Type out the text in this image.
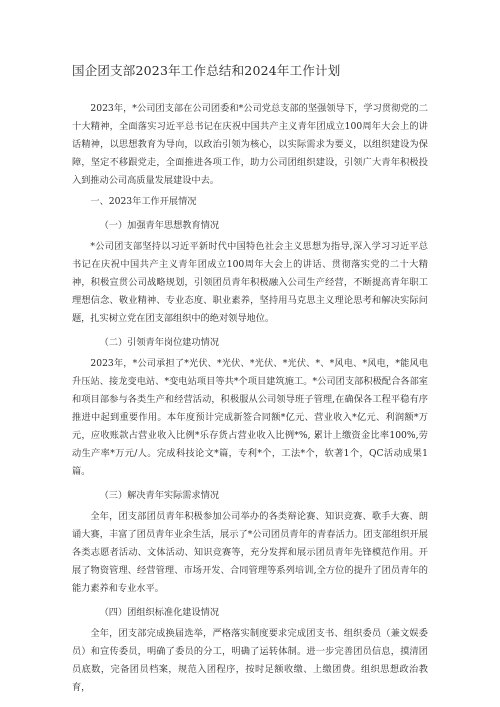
国企团支部2023年工作总结和2024年工作计划

2023年，*公司团支部在公司团委和*公司党总支部的坚强领导下，学习贯彻党的二十大精神，全面落实习近平总书记在庆祝中国共产主义青年团成立100周年大会上的讲话精神，以思想教育为导向，以政治引领为核心，以实际需求为要义，以组织建设为保障，坚定不移跟党走，全面推进各项工作，助力公司团组织建设，引领广大青年积极投入到推动公司高质量发展建设中去。

一、2023年工作开展情况
（一）加强青年思想教育情况

*公司团支部坚持以习近平新时代中国特色社会主义思想为指导,深入学习习近平总书记在庆祝中国共产主义青年团成立100周年大会上的讲话、贯彻落实党的二十大精神，积极宣贯公司战略规划，引领团员青年积极融入公司生产经营，不断提高青年职工理想信念、敬业精神、专业态度、职业素养，坚持用马克思主义理论思考和解决实际问题，扎实树立党在团支部组织中的绝对领导地位。

（二）引领青年岗位建功情况

2023年，*公司承担了*光伏、*光伏、*光伏、*光伏、*、*风电、*风电，*能风电升压站、接龙变电站、*变电站项目等共*个项目建筑施工。*公司团支部积极配合各部室和项目部参与各类生产和经营活动，积极服从公司领导班子管理,在确保各工程平稳有序推进中起到重要作用。本年度预计完成新签合同额*亿元、营业收入*亿元、利润额*万元，应收账款占营业收入比例*乐存货占营业收入比例*%, 累计上缴资金比率100%,劳动生产率*万元/人。完成科技论文*篇，专利*个，工法*个，软著1个，QC活动成果1篇。

（三）解决青年实际需求情况

全年，团支部团员青年积极参加公司举办的各类辩论赛、知识竞赛、歌手大赛、朗诵大赛，丰富了团员青年业余生活，展示了*公司团员青年的青春活力。团支部组织开展各类志愿者活动、文体活动、知识竞赛等，充分发挥和展示团员青年先锋模范作用。开展了物资管理、经营管理、市场开发、合同管理等系列培训,全方位的提升了团员青年的能力素养和专业水平。

（四）团组织标准化建设情况

全年，团支部完成换届选举，严格落实制度要求完成团支书、组织委员（兼文娱委员）和宣传委员，明确了委员的分工，明确了运转体制。进一步完善团员信息，摸清团员底数，完备团员档案，规范入团程序，按时足额收缴、上缴团费。组织思想政治教育，
